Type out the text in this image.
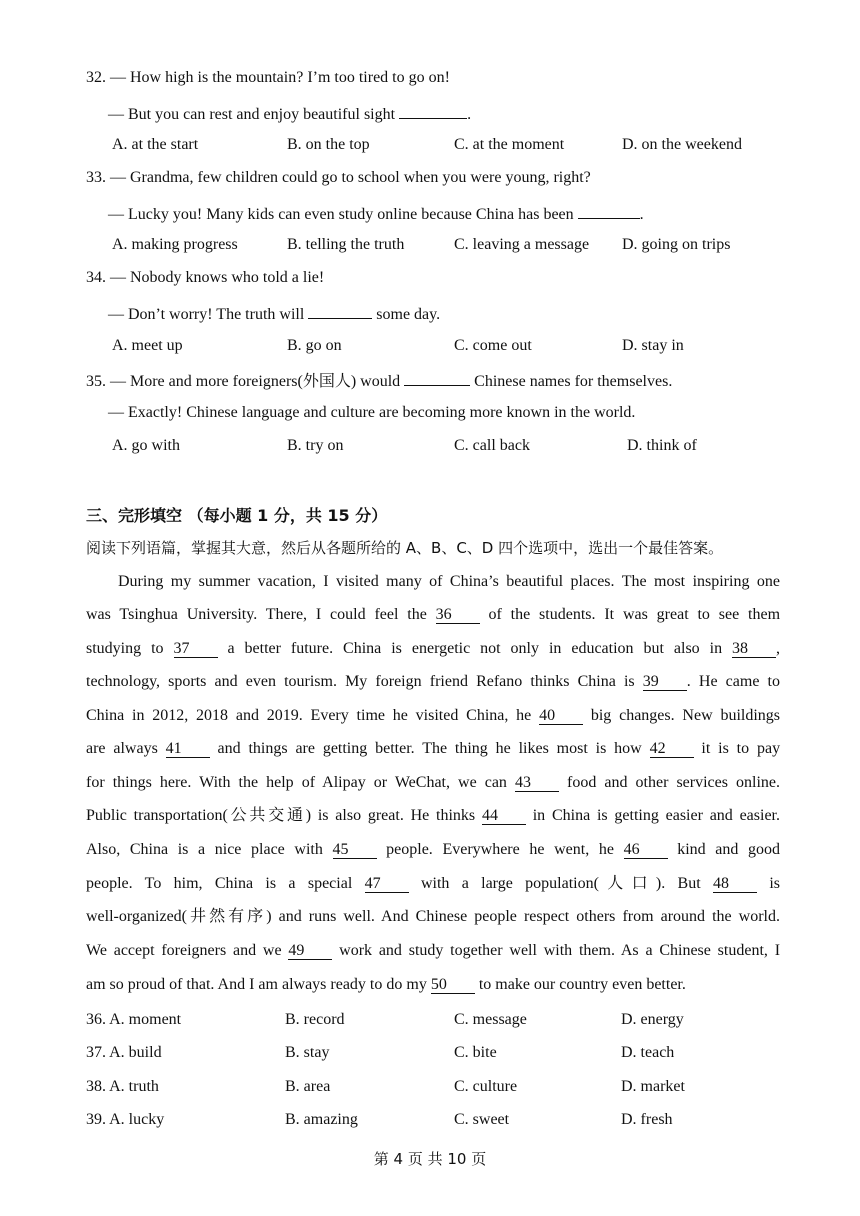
32. — How high is the mountain? I’m too tired to go on!
— But you can rest and enjoy beautiful sight	.
A. at the start	B. on the top	C. at the moment	D. on the weekend
33. — Grandma, few children could go to school when you were young, right?
— Lucky you! Many kids can even study online because China has been	.
A. making progress	B. telling the truth	C. leaving a message D. going on trips
34. — Nobody knows who told a lie!
— Don’t worry! The truth will	some day.
A. meet up	B. go on	C. come out	D. stay in
35. — More and more foreigners(外国人) would	Chinese names for themselves.
— Exactly! Chinese language and culture are becoming more known in the world.
A. go with	B. try on	C. call back	D. think of
三、完形填空 （每小题 1 分，共 15 分）
阅读下列语篇，掌握其大意，然后从各题所给的 A、B、C、D 四个选项中，选出一个最佳答案。
During my summer vacation, I visited many of China’s beautiful places. The most inspiring one
was Tsinghua University. There, I could feel the 36 of the students. It was great to see them
studying to 37 a better future. China is energetic not only in education but also in 38 ,
technology, sports and even tourism. My foreign friend Refano thinks China is 39 . He came to
China in 2012, 2018 and 2019. Every time he visited China, he 40 big changes. New buildings
are always 41 and things are getting better. The thing he likes most is how 42 it is to pay
for things here. With the help of Alipay or WeChat, we can 43 food and other services online.
Public transportation(公共交通) is also great. He thinks 44 in China is getting easier and easier.
Also, China is a nice place with 45 people. Everywhere he went, he 46 kind and good
people. To him, China is a special 47	with a large population(人口). But 48	is
well-organized(井然有序) and runs well. And Chinese people respect others from around the world.
We accept foreigners and we 49 work and study together well with them. As a Chinese student, I
am so proud of that. And I am always ready to do my 50 to make our country even better.
36. A. moment	B. record	C. message	D. energy
37. A. build	B. stay	C. bite	D. teach
38. A. truth	B. area	C. culture	D. market
39. A. lucky	B. amazing	C. sweet	D. fresh
第 4 页 共 10 页
